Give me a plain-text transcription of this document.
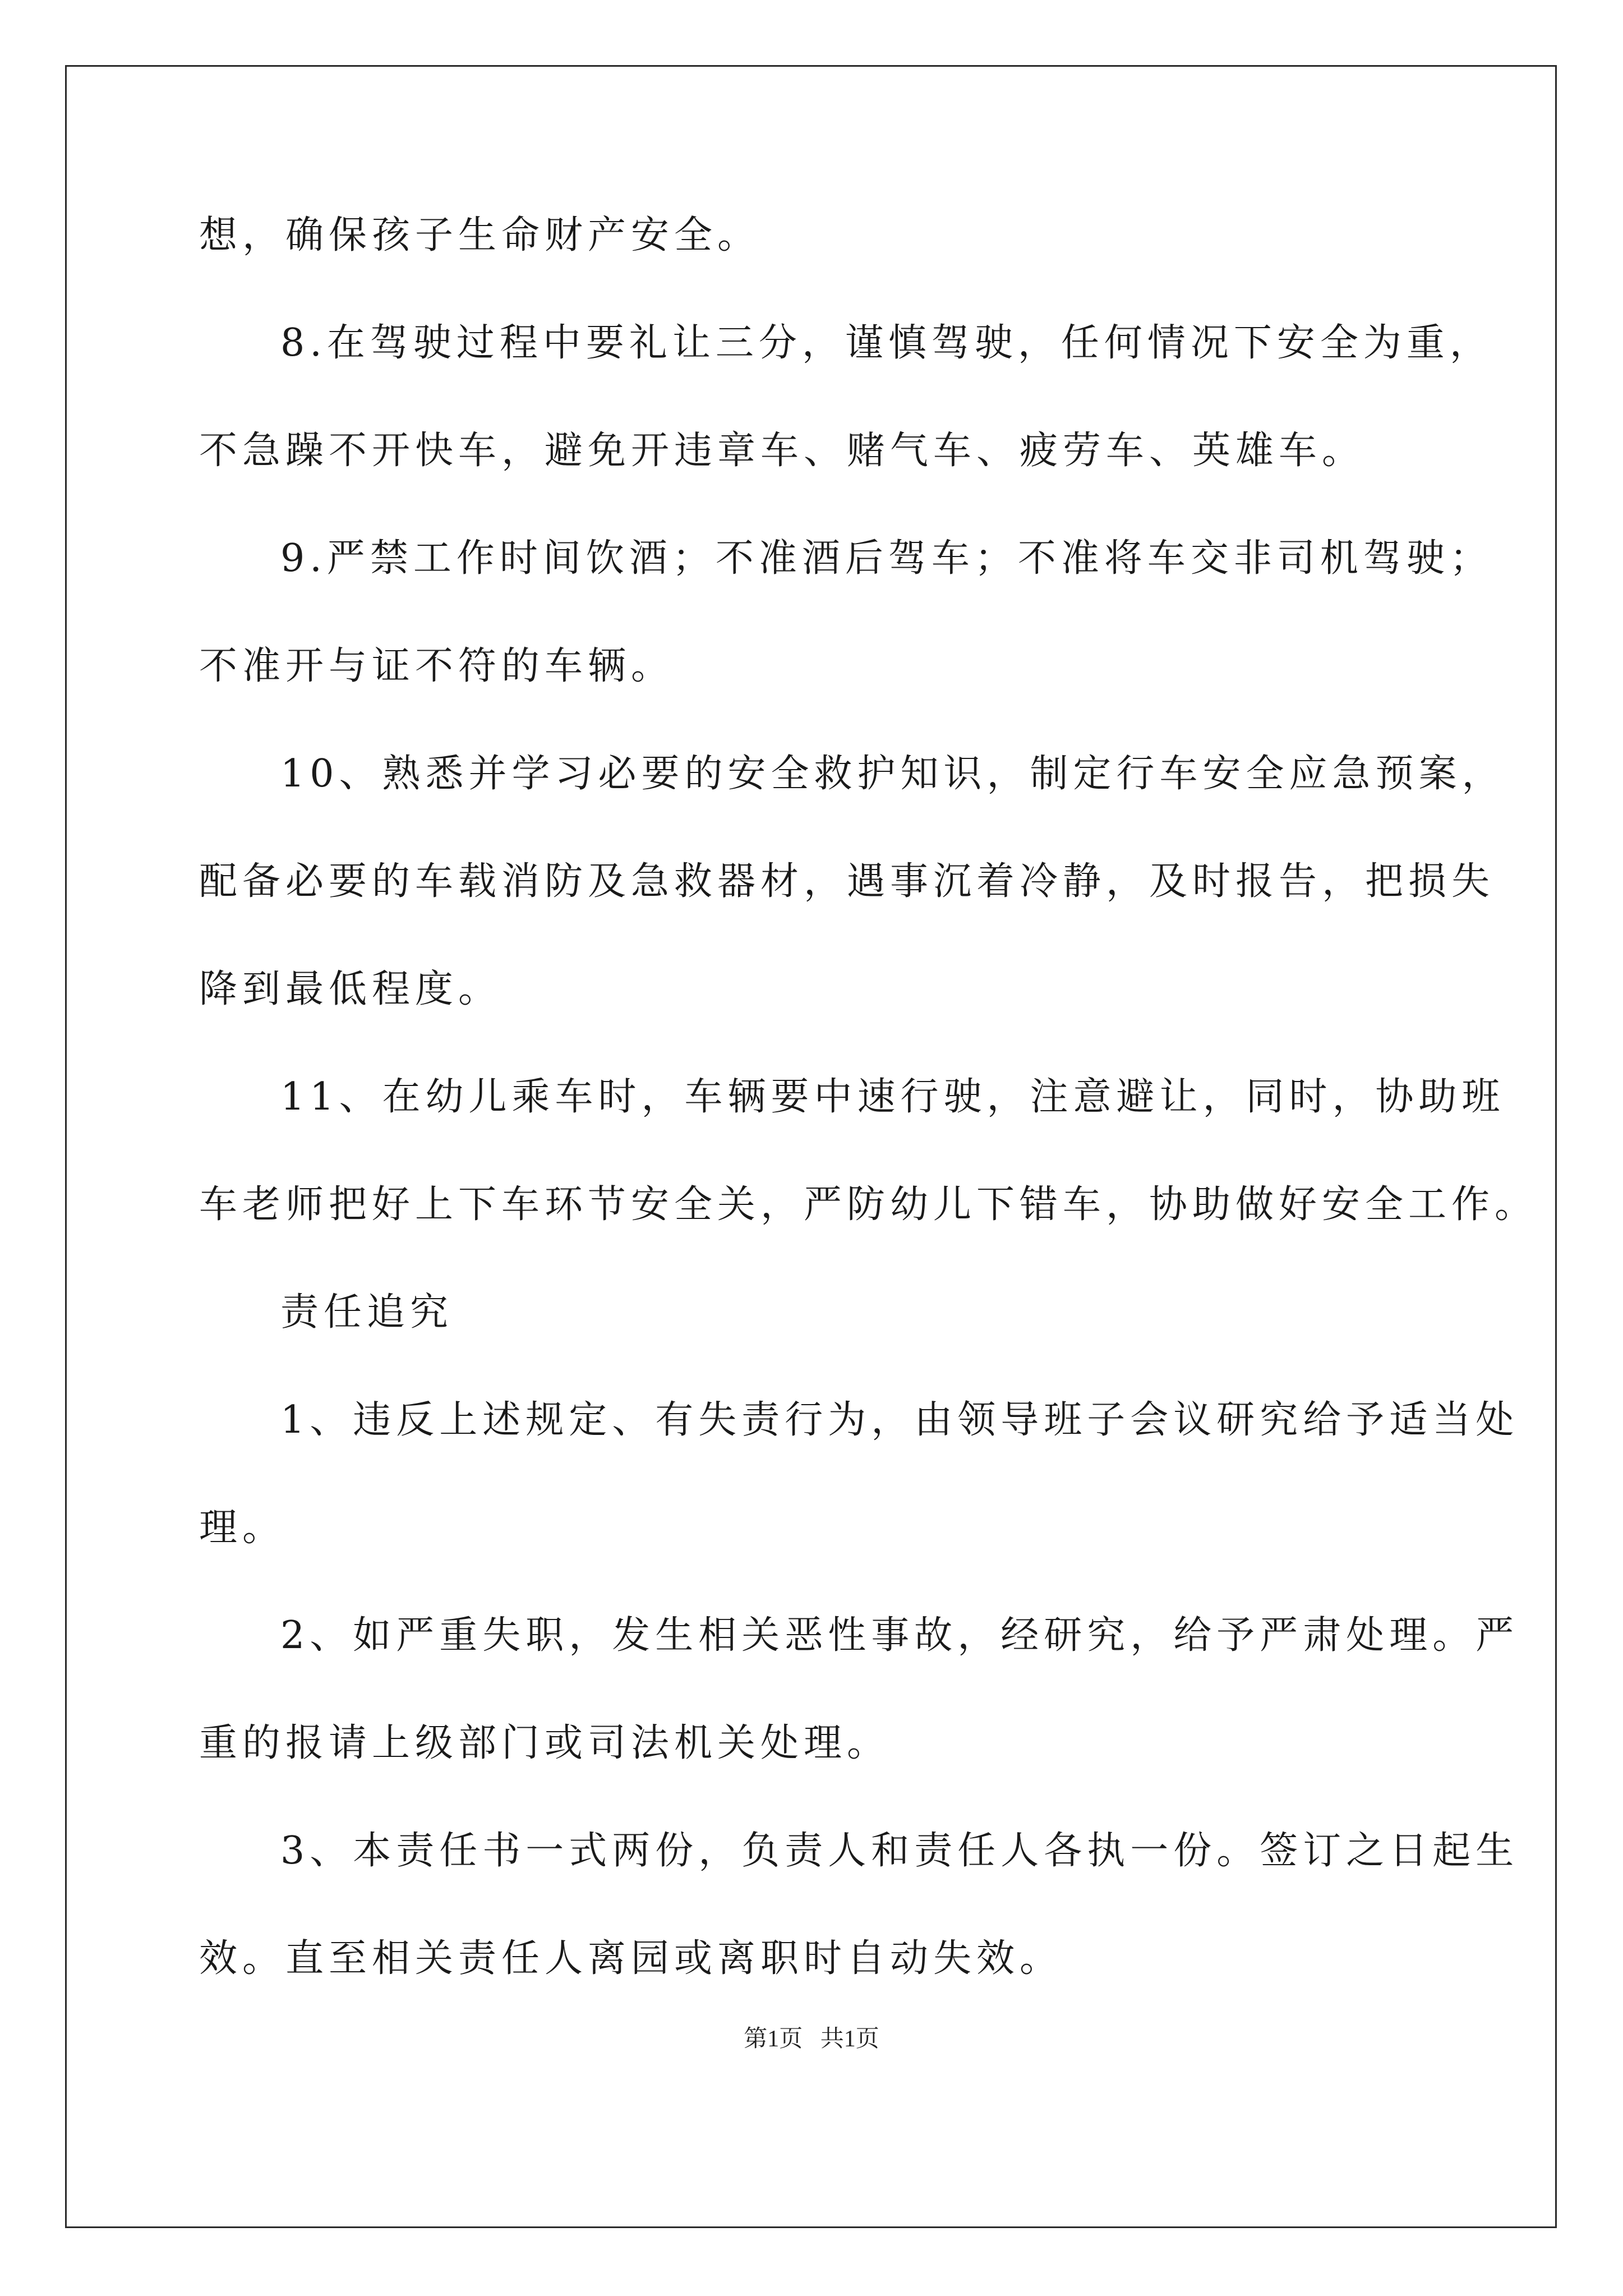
想，确保孩子生命财产安全。

8.在驾驶过程中要礼让三分，谨慎驾驶，任何情况下安全为重，

不急躁不开快车，避免开违章车、赌气车、疲劳车、英雄车。

9.严禁工作时间饮酒；不准酒后驾车；不准将车交非司机驾驶；

不准开与证不符的车辆。

10、熟悉并学习必要的安全救护知识，制定行车安全应急预案，

配备必要的车载消防及急救器材，遇事沉着冷静，及时报告，把损失

降到最低程度。

11、在幼儿乘车时，车辆要中速行驶，注意避让，同时，协助班

车老师把好上下车环节安全关，严防幼儿下错车，协助做好安全工作。

责任追究

1、违反上述规定、有失责行为，由领导班子会议研究给予适当处

理。

2、如严重失职，发生相关恶性事故，经研究，给予严肃处理。严

重的报请上级部门或司法机关处理。

3、本责任书一式两份，负责人和责任人各执一份。签订之日起生

效。直至相关责任人离园或离职时自动失效。

第1页   共1页
